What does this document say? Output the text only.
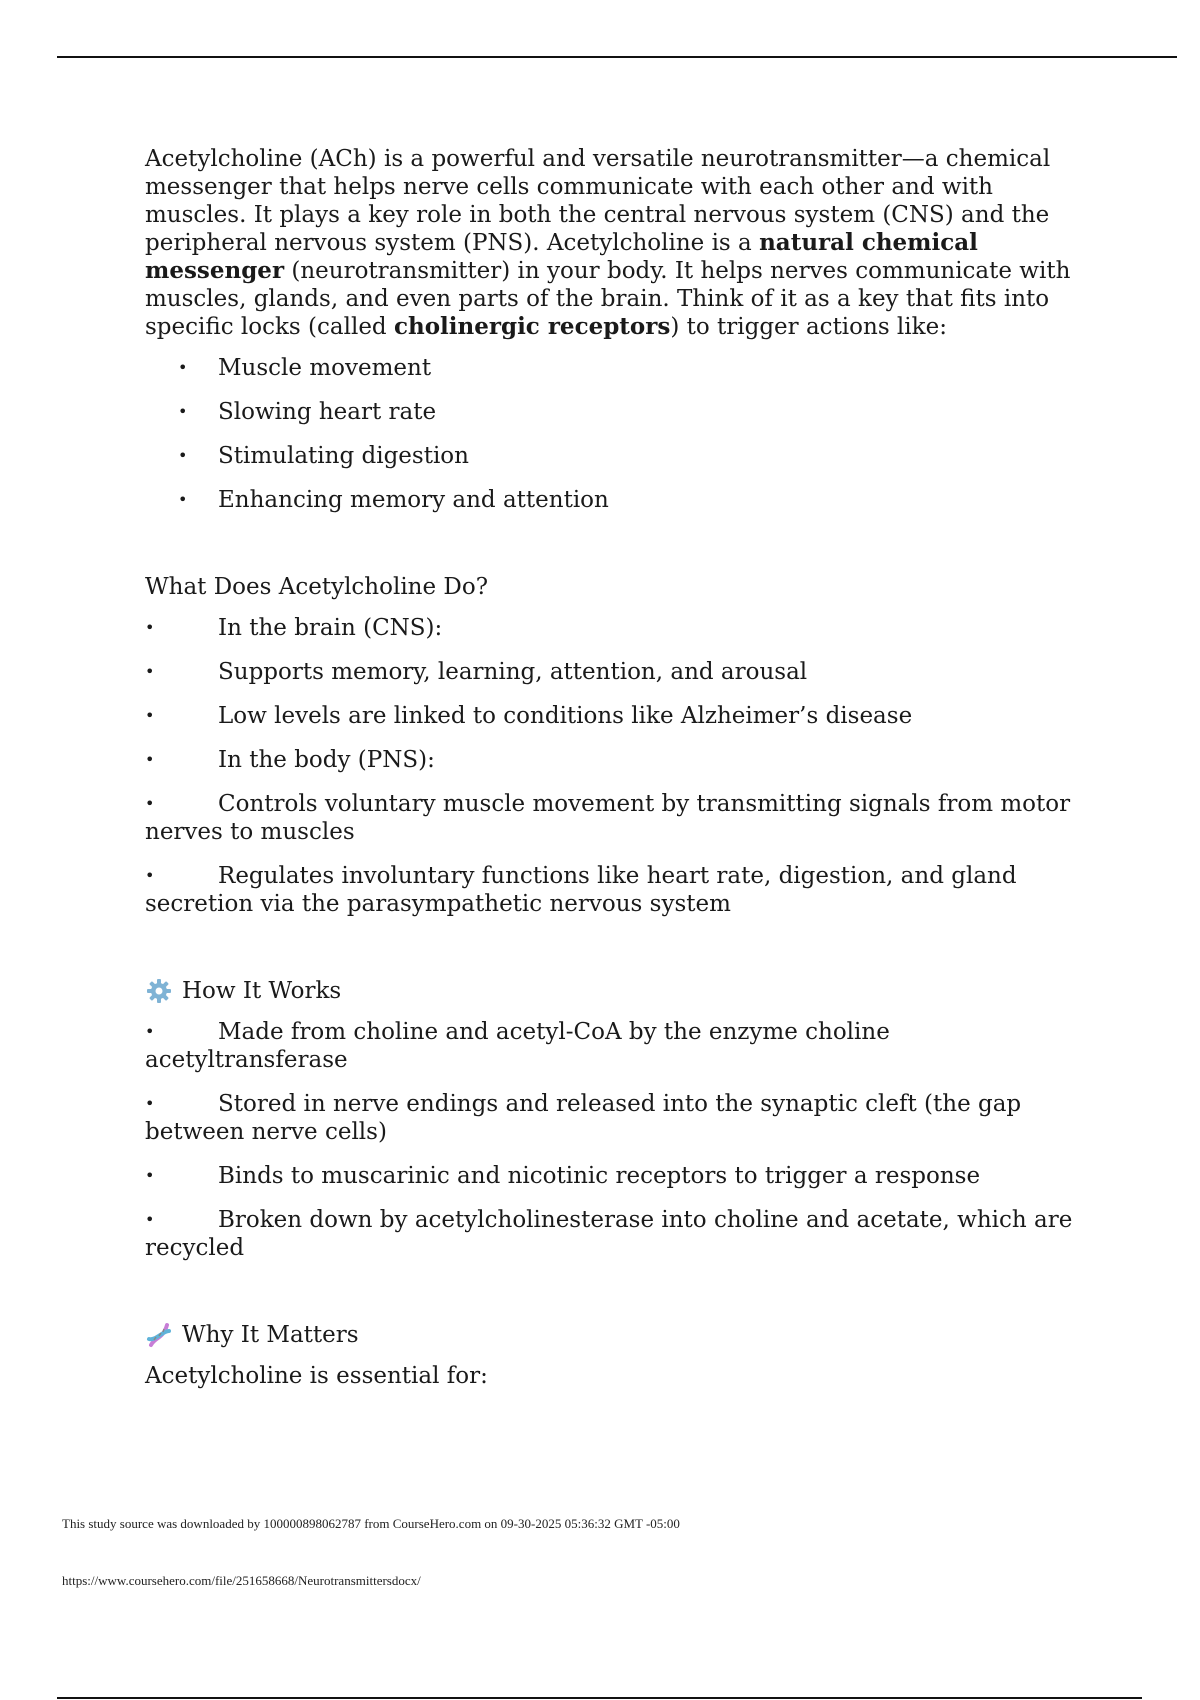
Acetylcholine (ACh) is a powerful and versatile neurotransmitter—a chemical messenger that helps nerve cells communicate with each other and with muscles. It plays a key role in both the central nervous system (CNS) and the peripheral nervous system (PNS). Acetylcholine is a natural chemical messenger (neurotransmitter) in your body. It helps nerves communicate with muscles, glands, and even parts of the brain. Think of it as a key that fits into specific locks (called cholinergic receptors) to trigger actions like:

• Muscle movement
• Slowing heart rate
• Stimulating digestion
• Enhancing memory and attention

What Does Acetylcholine Do?

•	In the brain (CNS):
•	Supports memory, learning, attention, and arousal
•	Low levels are linked to conditions like Alzheimer’s disease
•	In the body (PNS):
•	Controls voluntary muscle movement by transmitting signals from motor nerves to muscles
•	Regulates involuntary functions like heart rate, digestion, and gland secretion via the parasympathetic nervous system

How It Works

•	Made from choline and acetyl-CoA by the enzyme choline acetyltransferase
•	Stored in nerve endings and released into the synaptic cleft (the gap between nerve cells)
•	Binds to muscarinic and nicotinic receptors to trigger a response
•	Broken down by acetylcholinesterase into choline and acetate, which are recycled

Why It Matters

Acetylcholine is essential for:

This study source was downloaded by 100000898062787 from CourseHero.com on 09-30-2025 05:36:32 GMT -05:00
https://www.coursehero.com/file/251658668/Neurotransmittersdocx/
